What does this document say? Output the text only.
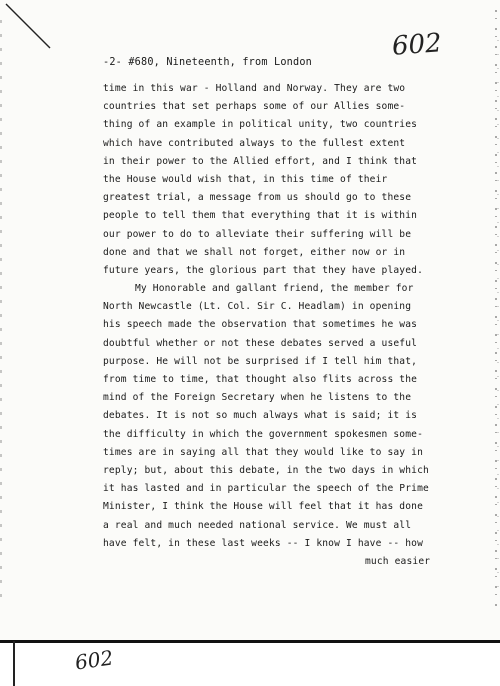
-2- #680, Nineteenth, from London
602
time in this war - Holland and Norway. They are two
countries that set perhaps some of our Allies some-
thing of an example in political unity, two countries
which have contributed always to the fullest extent
in their power to the Allied effort, and I think that
the House would wish that, in this time of their
greatest trial, a message from us should go to these
people to tell them that everything that it is within
our power to do to alleviate their suffering will be
done and that we shall not forget, either now or in
future years, the glorious part that they have played.
My Honorable and gallant friend, the member for
North Newcastle (Lt. Col. Sir C. Headlam) in opening
his speech made the observation that sometimes he was
doubtful whether or not these debates served a useful
purpose. He will not be surprised if I tell him that,
from time to time, that thought also flits across the
mind of the Foreign Secretary when he listens to the
debates. It is not so much always what is said; it is
the difficulty in which the government spokesmen some-
times are in saying all that they would like to say in
reply; but, about this debate, in the two days in which
it has lasted and in particular the speech of the Prime
Minister, I think the House will feel that it has done
a real and much needed national service. We must all
have felt, in these last weeks -- I know I have -- how
much easier
602
